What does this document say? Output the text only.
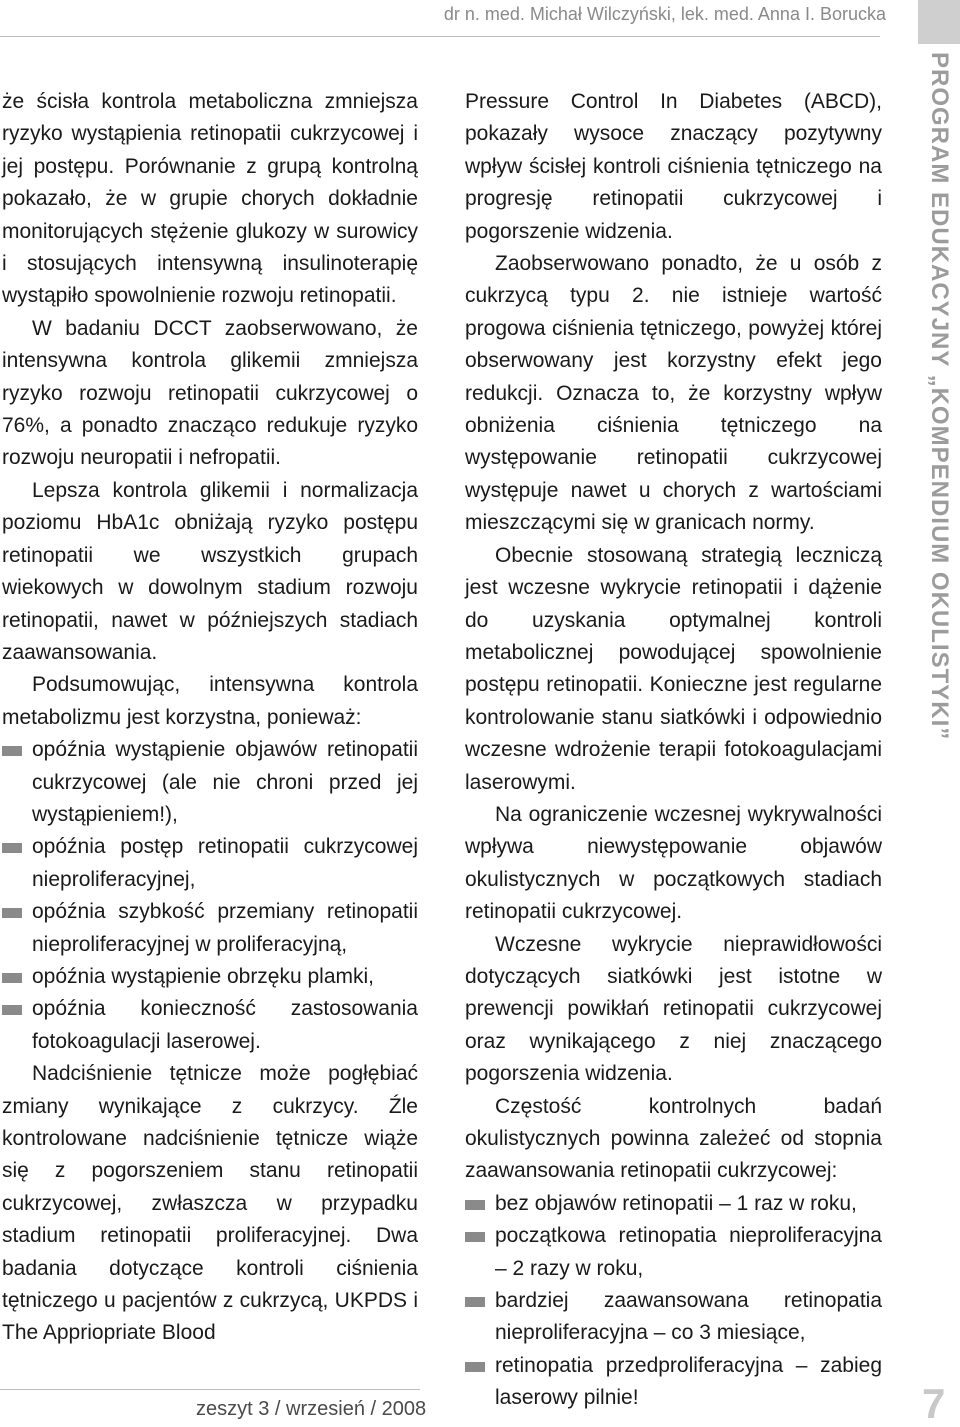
dr n. med. Michał Wilczyński, lek. med. Anna I. Borucka
PROGRAM EDUKACYJNY „KOMPENDIUM OKULISTYKI”

że ścisła kontrola metaboliczna zmniejsza ryzyko wystąpienia retinopatii cukrzycowej i jej postępu. Porównanie z grupą kontrolną pokazało, że w grupie chorych dokładnie monitorujących stężenie glukozy w surowicy i stosujących intensywną insulinoterapię wystąpiło spowolnienie rozwoju retinopatii.

W badaniu DCCT zaobserwowano, że intensywna kontrola glikemii zmniejsza ryzyko rozwoju retinopatii cukrzycowej o 76%, a ponadto znacząco redukuje ryzyko rozwoju neuropatii i nefropatii.

Lepsza kontrola glikemii i normalizacja poziomu HbA1c obniżają ryzyko postępu retinopatii we wszystkich grupach wiekowych w dowolnym stadium rozwoju retinopatii, nawet w późniejszych stadiach zaawansowania.

Podsumowując, intensywna kontrola metabolizmu jest korzystna, ponieważ:

opóźnia wystąpienie objawów retinopatii cukrzycowej (ale nie chroni przed jej wystąpieniem!),
opóźnia postęp retinopatii cukrzycowej nieproliferacyjnej,
opóźnia szybkość przemiany retinopatii nieproliferacyjnej w proliferacyjną,
opóźnia wystąpienie obrzęku plamki,
opóźnia konieczność zastosowania fotokoagulacji laserowej.

Nadciśnienie tętnicze może pogłębiać zmiany wynikające z cukrzycy. Źle kontrolowane nadciśnienie tętnicze wiąże się z pogorszeniem stanu retinopatii cukrzycowej, zwłaszcza w przypadku stadium retinopatii proliferacyjnej. Dwa badania dotyczące kontroli ciśnienia tętniczego u pacjentów z cukrzycą, UKPDS i The Appriopriate Blood

Pressure Control In Diabetes (ABCD), pokazały wysoce znaczący pozytywny wpływ ścisłej kontroli ciśnienia tętniczego na progresję retinopatii cukrzycowej i pogorszenie widzenia.

Zaobserwowano ponadto, że u osób z cukrzycą typu 2. nie istnieje wartość progowa ciśnienia tętniczego, powyżej której obserwowany jest korzystny efekt jego redukcji. Oznacza to, że korzystny wpływ obniżenia ciśnienia tętniczego na występowanie retinopatii cukrzycowej występuje nawet u chorych z wartościami mieszczącymi się w granicach normy.

Obecnie stosowaną strategią leczniczą jest wczesne wykrycie retinopatii i dążenie do uzyskania optymalnej kontroli metabolicznej powodującej spowolnienie postępu retinopatii. Konieczne jest regularne kontrolowanie stanu siatkówki i odpowiednio wczesne wdrożenie terapii fotokoagulacjami laserowymi.

Na ograniczenie wczesnej wykrywalności wpływa niewystępowanie objawów okulistycznych w początkowych stadiach retinopatii cukrzycowej.

Wczesne wykrycie nieprawidłowości dotyczących siatkówki jest istotne w prewencji powikłań retinopatii cukrzycowej oraz wynikającego z niej znaczącego pogorszenia widzenia.

Częstość kontrolnych badań okulistycznych powinna zależeć od stopnia zaawansowania retinopatii cukrzycowej:

bez objawów retinopatii – 1 raz w roku,
początkowa retinopatia nieproliferacyjna – 2 razy w roku,
bardziej zaawansowana retinopatia nieproliferacyjna – co 3 miesiące,
retinopatia przedproliferacyjna – zabieg laserowy pilnie!
zeszyt 3 / wrzesień / 2008	7
